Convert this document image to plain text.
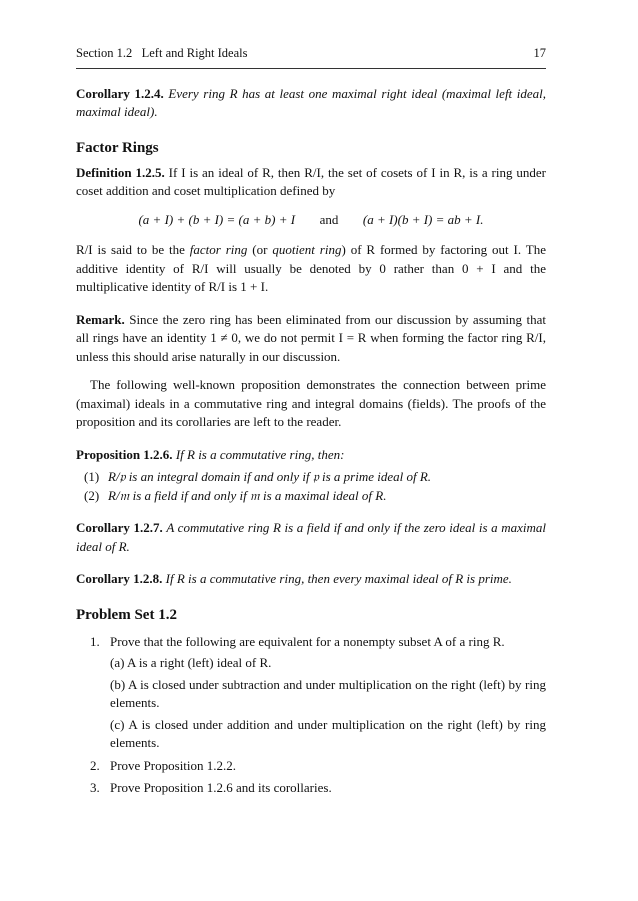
Section 1.2   Left and Right Ideals	17
Corollary 1.2.4. Every ring R has at least one maximal right ideal (maximal left ideal, maximal ideal).
Factor Rings
Definition 1.2.5. If I is an ideal of R, then R/I, the set of cosets of I in R, is a ring under coset addition and coset multiplication defined by
(a + I) + (b + I) = (a + b) + I and (a + I)(b + I) = ab + I.
R/I is said to be the factor ring (or quotient ring) of R formed by factoring out I. The additive identity of R/I will usually be denoted by 0 rather than 0 + I and the multiplicative identity of R/I is 1 + I.
Remark. Since the zero ring has been eliminated from our discussion by assuming that all rings have an identity 1 ≠ 0, we do not permit I = R when forming the factor ring R/I, unless this should arise naturally in our discussion.
The following well-known proposition demonstrates the connection between prime (maximal) ideals in a commutative ring and integral domains (fields). The proofs of the proposition and its corollaries are left to the reader.
Proposition 1.2.6. If R is a commutative ring, then:
(1) R/𝔭 is an integral domain if and only if 𝔭 is a prime ideal of R.
(2) R/𝔪 is a field if and only if 𝔪 is a maximal ideal of R.
Corollary 1.2.7. A commutative ring R is a field if and only if the zero ideal is a maximal ideal of R.
Corollary 1.2.8. If R is a commutative ring, then every maximal ideal of R is prime.
Problem Set 1.2
1. Prove that the following are equivalent for a nonempty subset A of a ring R.
(a) A is a right (left) ideal of R.
(b) A is closed under subtraction and under multiplication on the right (left) by ring elements.
(c) A is closed under addition and under multiplication on the right (left) by ring elements.
2. Prove Proposition 1.2.2.
3. Prove Proposition 1.2.6 and its corollaries.
